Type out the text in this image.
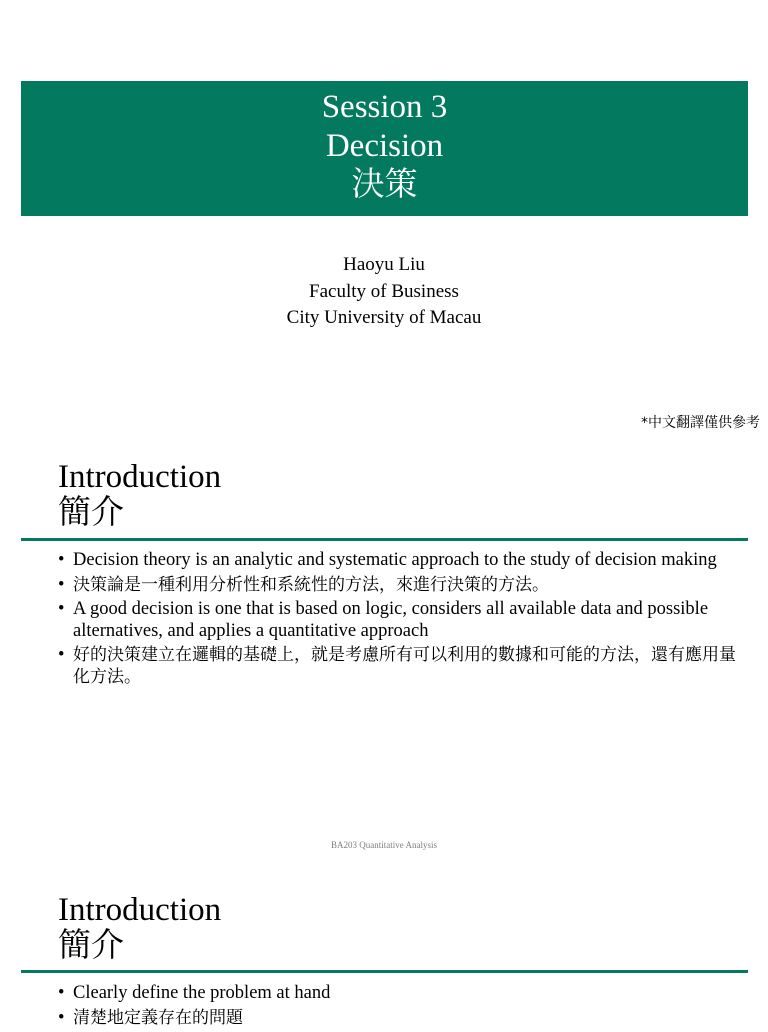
Session 3
Decision
決策
Haoyu Liu
Faculty of Business
City University of Macau
*中文翻譯僅供參考
Introduction
簡介
• Decision theory is an analytic and systematic approach to the study of decision making
• 決策論是一種利用分析性和系統性的方法，來進行決策的方法。
• A good decision is one that is based on logic, considers all available data and possible alternatives, and applies a quantitative approach
• 好的決策建立在邏輯的基礎上，就是考慮所有可以利用的數據和可能的方法，還有應用量化方法。
BA203 Quantitative Analysis
Introduction
簡介
• Clearly define the problem at hand
• 清楚地定義存在的問題
